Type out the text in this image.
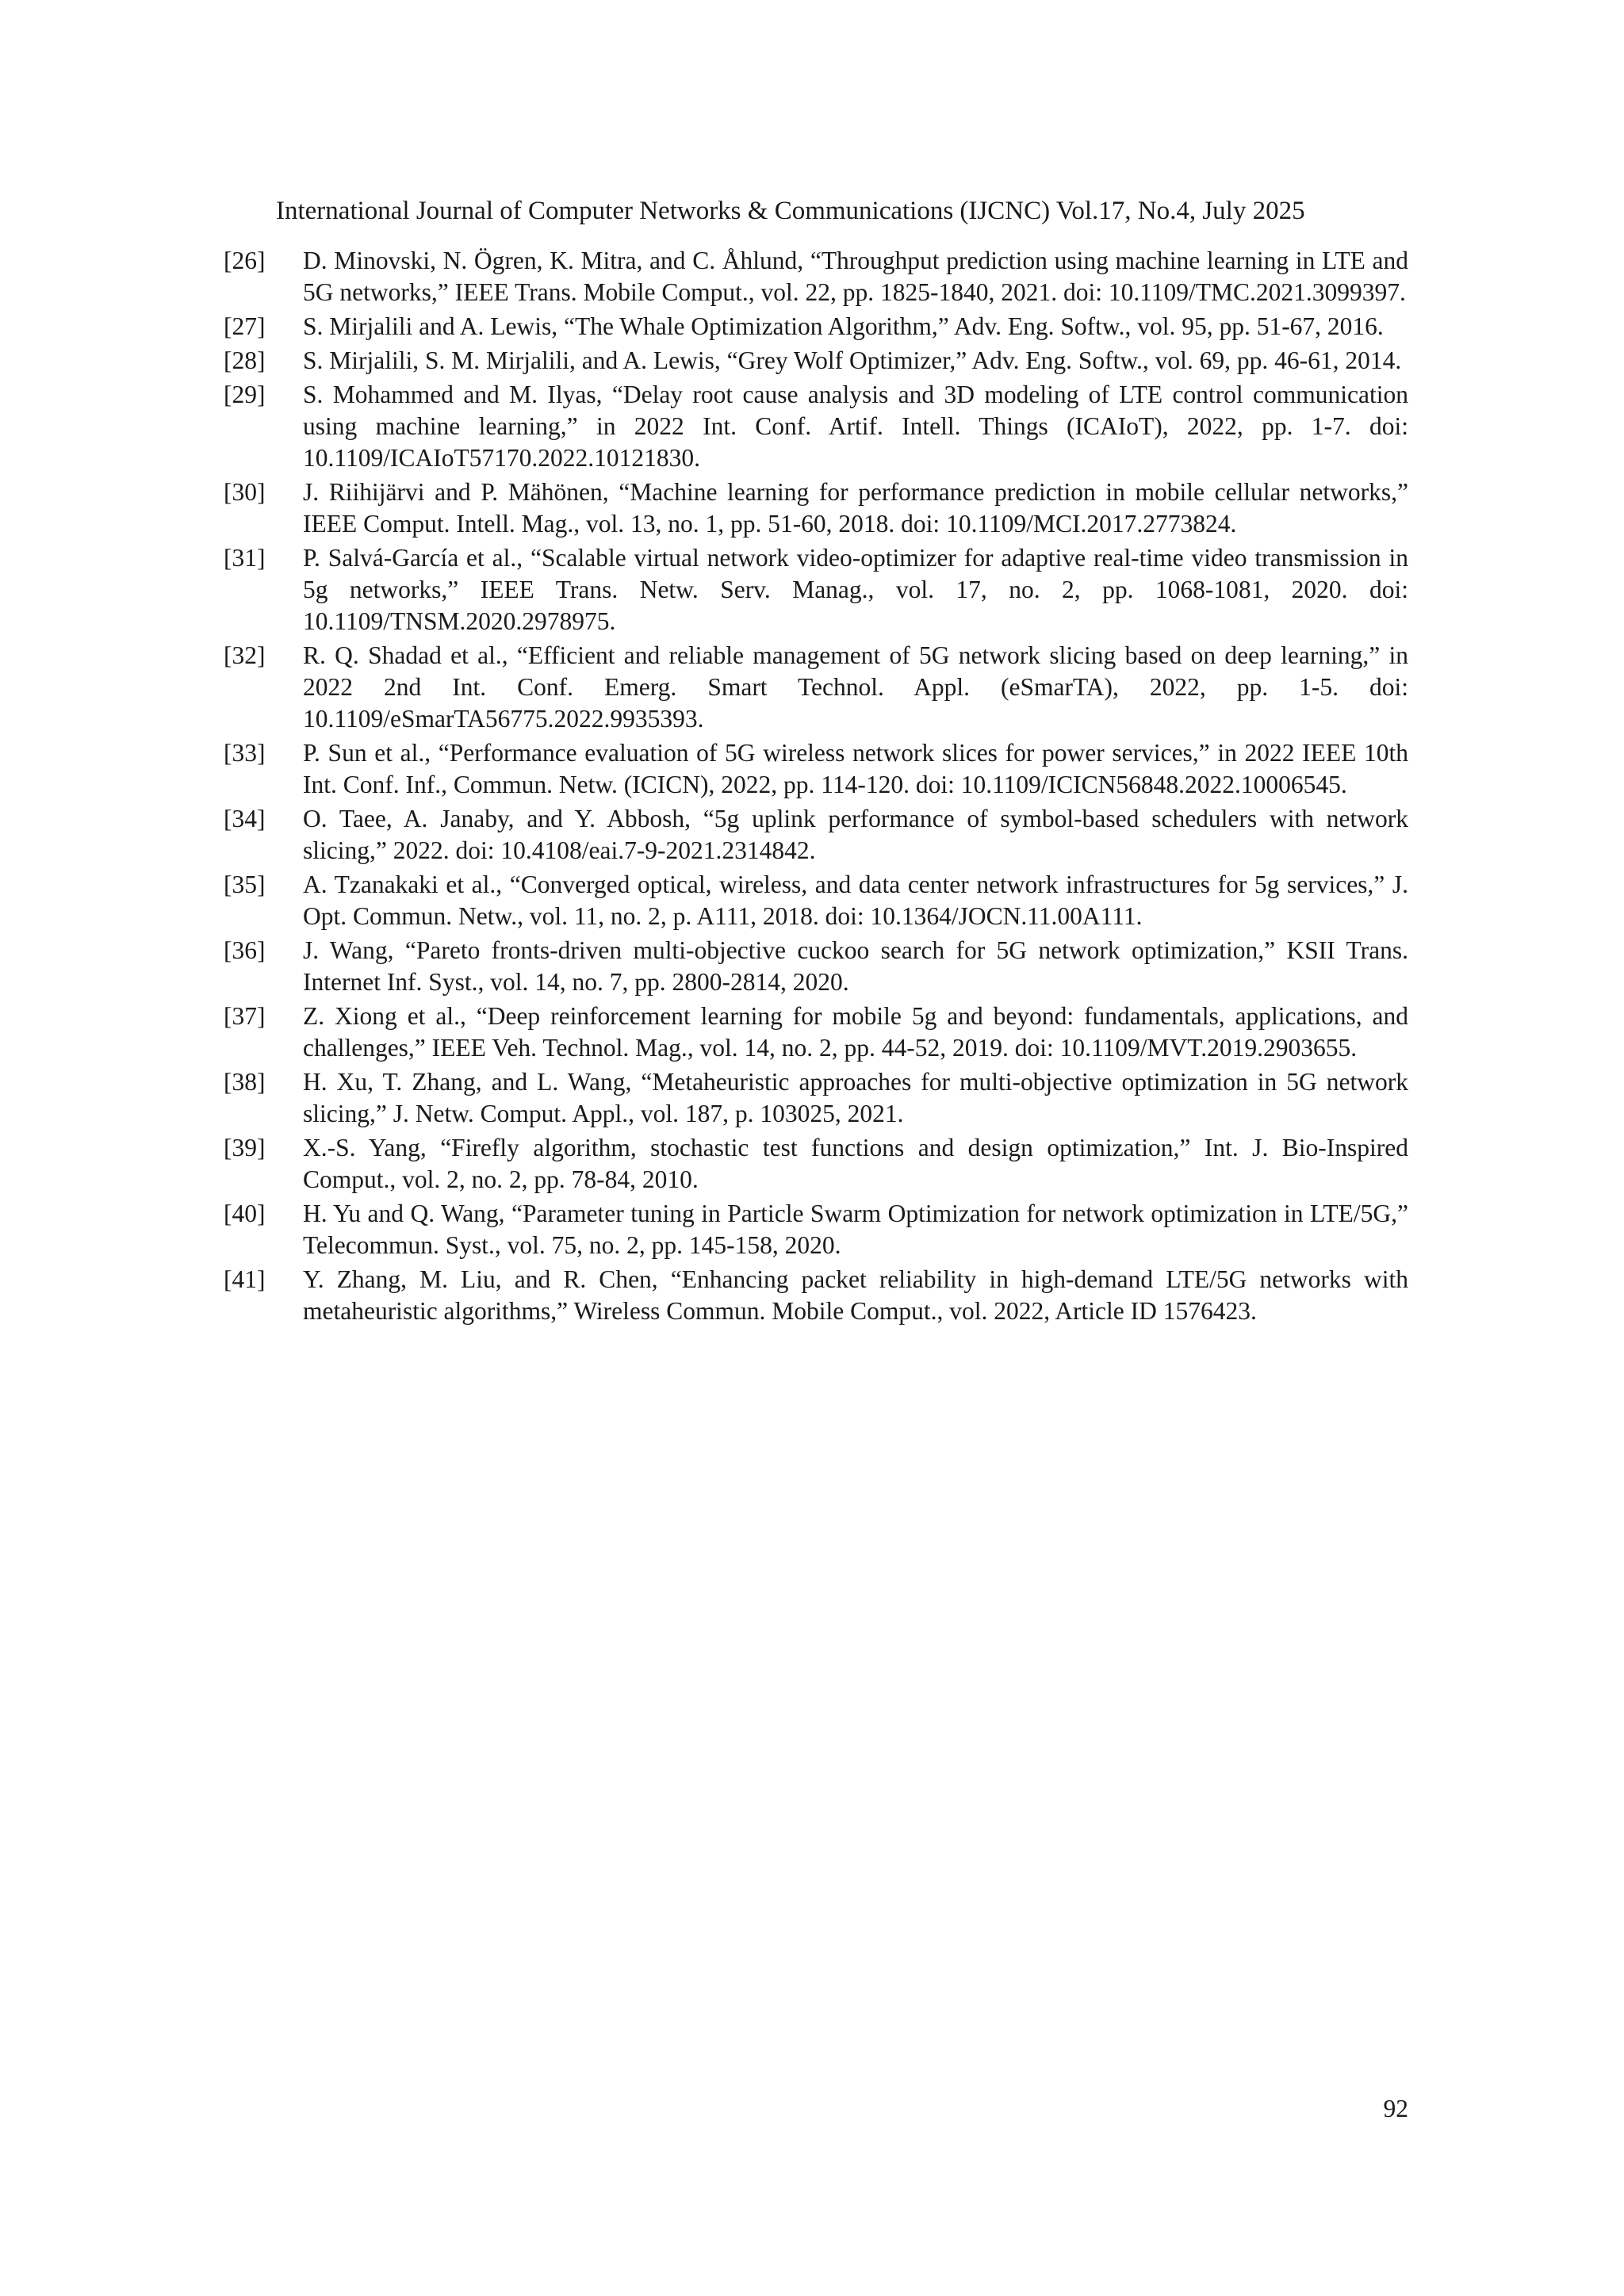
International Journal of Computer Networks & Communications (IJCNC) Vol.17, No.4, July 2025
[26]	D. Minovski, N. Ögren, K. Mitra, and C. Åhlund, “Throughput prediction using machine learning in LTE and 5G networks,” IEEE Trans. Mobile Comput., vol. 22, pp. 1825-1840, 2021. doi: 10.1109/TMC.2021.3099397.
[27]	S. Mirjalili and A. Lewis, “The Whale Optimization Algorithm,” Adv. Eng. Softw., vol. 95, pp. 51-67, 2016.
[28]	S. Mirjalili, S. M. Mirjalili, and A. Lewis, “Grey Wolf Optimizer,” Adv. Eng. Softw., vol. 69, pp. 46-61, 2014.
[29]	S. Mohammed and M. Ilyas, “Delay root cause analysis and 3D modeling of LTE control communication using machine learning,” in 2022 Int. Conf. Artif. Intell. Things (ICAIoT), 2022, pp. 1-7. doi: 10.1109/ICAIoT57170.2022.10121830.
[30]	J. Riihijärvi and P. Mähönen, “Machine learning for performance prediction in mobile cellular networks,” IEEE Comput. Intell. Mag., vol. 13, no. 1, pp. 51-60, 2018. doi: 10.1109/MCI.2017.2773824.
[31]	P. Salvá-García et al., “Scalable virtual network video-optimizer for adaptive real-time video transmission in 5g networks,” IEEE Trans. Netw. Serv. Manag., vol. 17, no. 2, pp. 1068-1081, 2020. doi: 10.1109/TNSM.2020.2978975.
[32]	R. Q. Shadad et al., “Efficient and reliable management of 5G network slicing based on deep learning,” in 2022 2nd Int. Conf. Emerg. Smart Technol. Appl. (eSmarTA), 2022, pp. 1-5. doi: 10.1109/eSmarTA56775.2022.9935393.
[33]	P. Sun et al., “Performance evaluation of 5G wireless network slices for power services,” in 2022 IEEE 10th Int. Conf. Inf., Commun. Netw. (ICICN), 2022, pp. 114-120. doi: 10.1109/ICICN56848.2022.10006545.
[34]	O. Taee, A. Janaby, and Y. Abbosh, “5g uplink performance of symbol-based schedulers with network slicing,” 2022. doi: 10.4108/eai.7-9-2021.2314842.
[35]	A. Tzanakaki et al., “Converged optical, wireless, and data center network infrastructures for 5g services,” J. Opt. Commun. Netw., vol. 11, no. 2, p. A111, 2018. doi: 10.1364/JOCN.11.00A111.
[36]	J. Wang, “Pareto fronts-driven multi-objective cuckoo search for 5G network optimization,” KSII Trans. Internet Inf. Syst., vol. 14, no. 7, pp. 2800-2814, 2020.
[37]	Z. Xiong et al., “Deep reinforcement learning for mobile 5g and beyond: fundamentals, applications, and challenges,” IEEE Veh. Technol. Mag., vol. 14, no. 2, pp. 44-52, 2019. doi: 10.1109/MVT.2019.2903655.
[38]	H. Xu, T. Zhang, and L. Wang, “Metaheuristic approaches for multi-objective optimization in 5G network slicing,” J. Netw. Comput. Appl., vol. 187, p. 103025, 2021.
[39]	X.-S. Yang, “Firefly algorithm, stochastic test functions and design optimization,” Int. J. Bio-Inspired Comput., vol. 2, no. 2, pp. 78-84, 2010.
[40]	H. Yu and Q. Wang, “Parameter tuning in Particle Swarm Optimization for network optimization in LTE/5G,” Telecommun. Syst., vol. 75, no. 2, pp. 145-158, 2020.
[41]	Y. Zhang, M. Liu, and R. Chen, “Enhancing packet reliability in high-demand LTE/5G networks with metaheuristic algorithms,” Wireless Commun. Mobile Comput., vol. 2022, Article ID 1576423.
92
